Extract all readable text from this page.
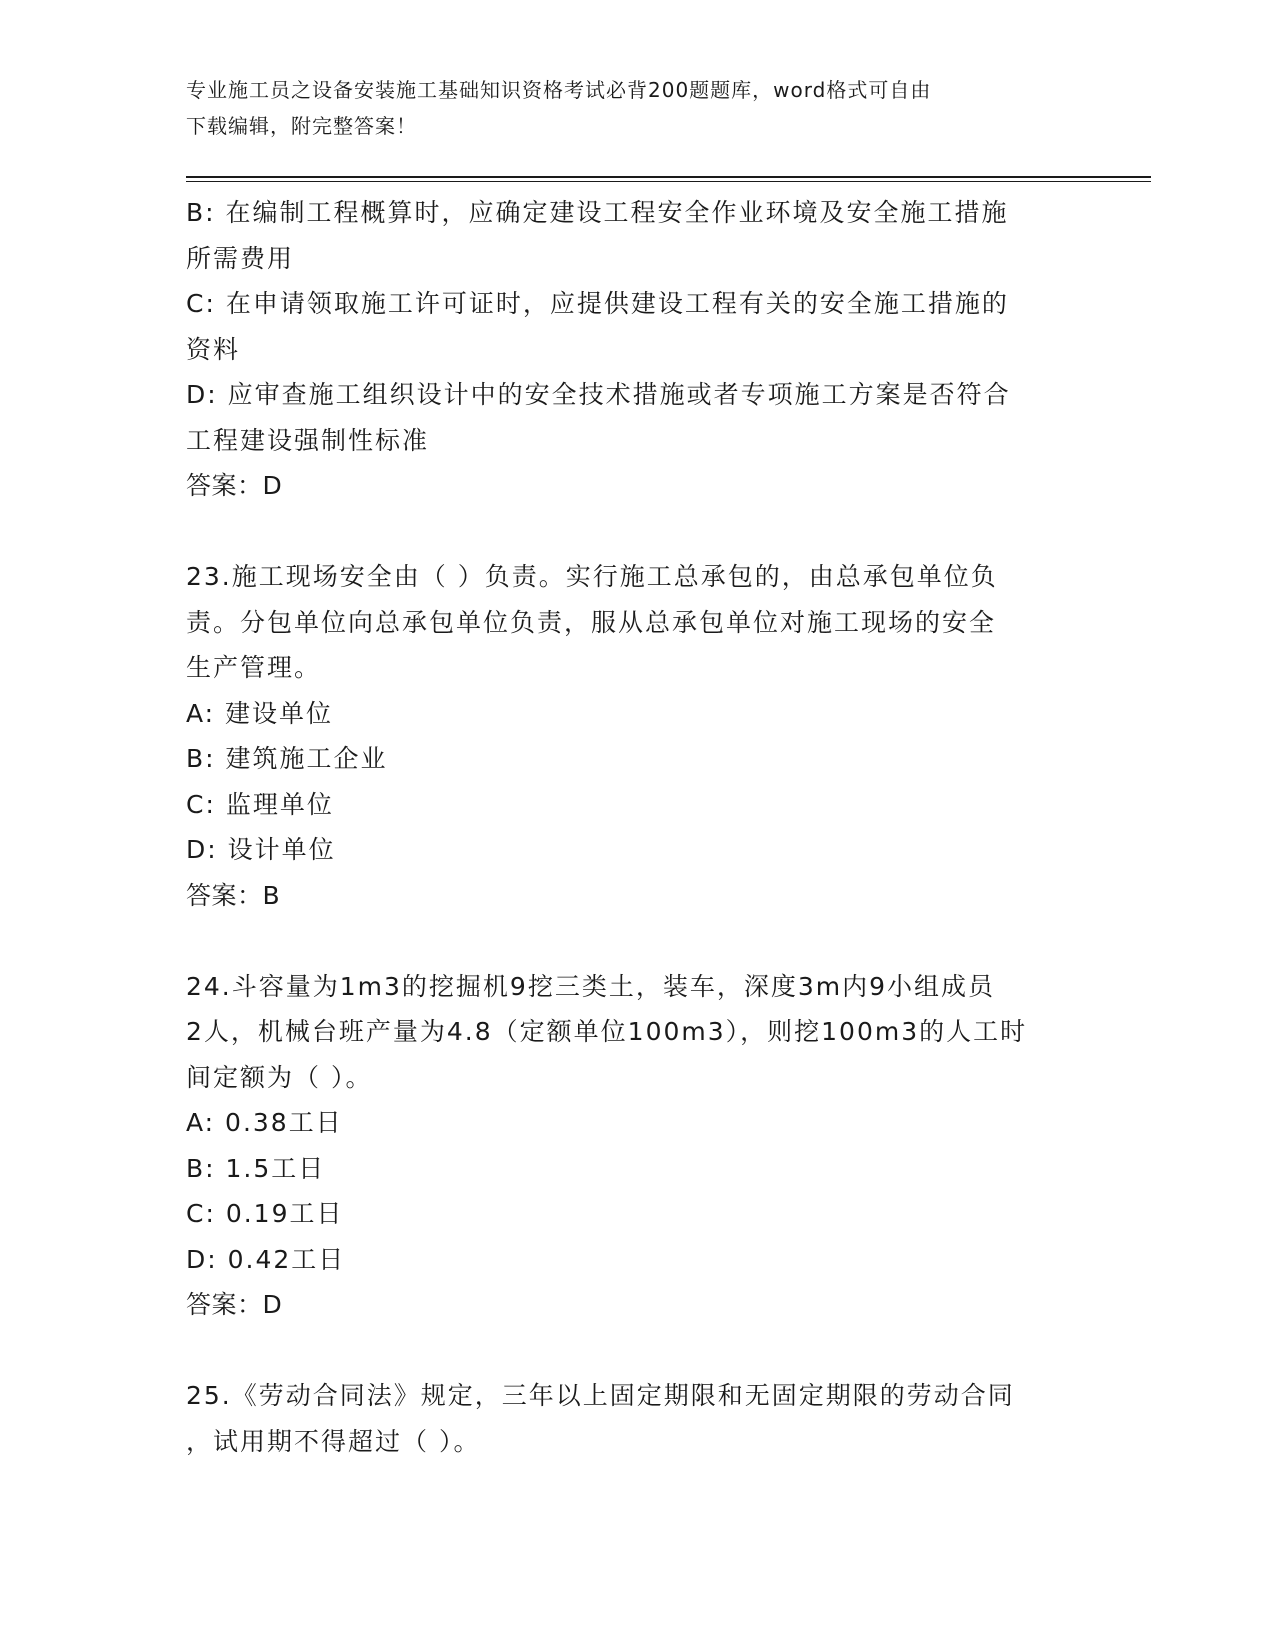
专业施工员之设备安装施工基础知识资格考试必背200题题库，word格式可自由
下载编辑，附完整答案！
B: 在编制工程概算时，应确定建设工程安全作业环境及安全施工措施
所需费用
C: 在申请领取施工许可证时，应提供建设工程有关的安全施工措施的
资料
D: 应审查施工组织设计中的安全技术措施或者专项施工方案是否符合
工程建设强制性标准
答案：D
23.施工现场安全由（ ）负责。实行施工总承包的，由总承包单位负
责。分包单位向总承包单位负责，服从总承包单位对施工现场的安全
生产管理。
A: 建设单位
B: 建筑施工企业
C: 监理单位
D: 设计单位
答案：B
24.斗容量为1m3的挖掘机9挖三类土，装车，深度3m内9小组成员
2人，机械台班产量为4.8（定额单位100m3），则挖100m3的人工时
间定额为（ ）。
A: 0.38工日
B: 1.5工日
C: 0.19工日
D: 0.42工日
答案：D
25.《劳动合同法》规定，三年以上固定期限和无固定期限的劳动合同
，试用期不得超过（ ）。
